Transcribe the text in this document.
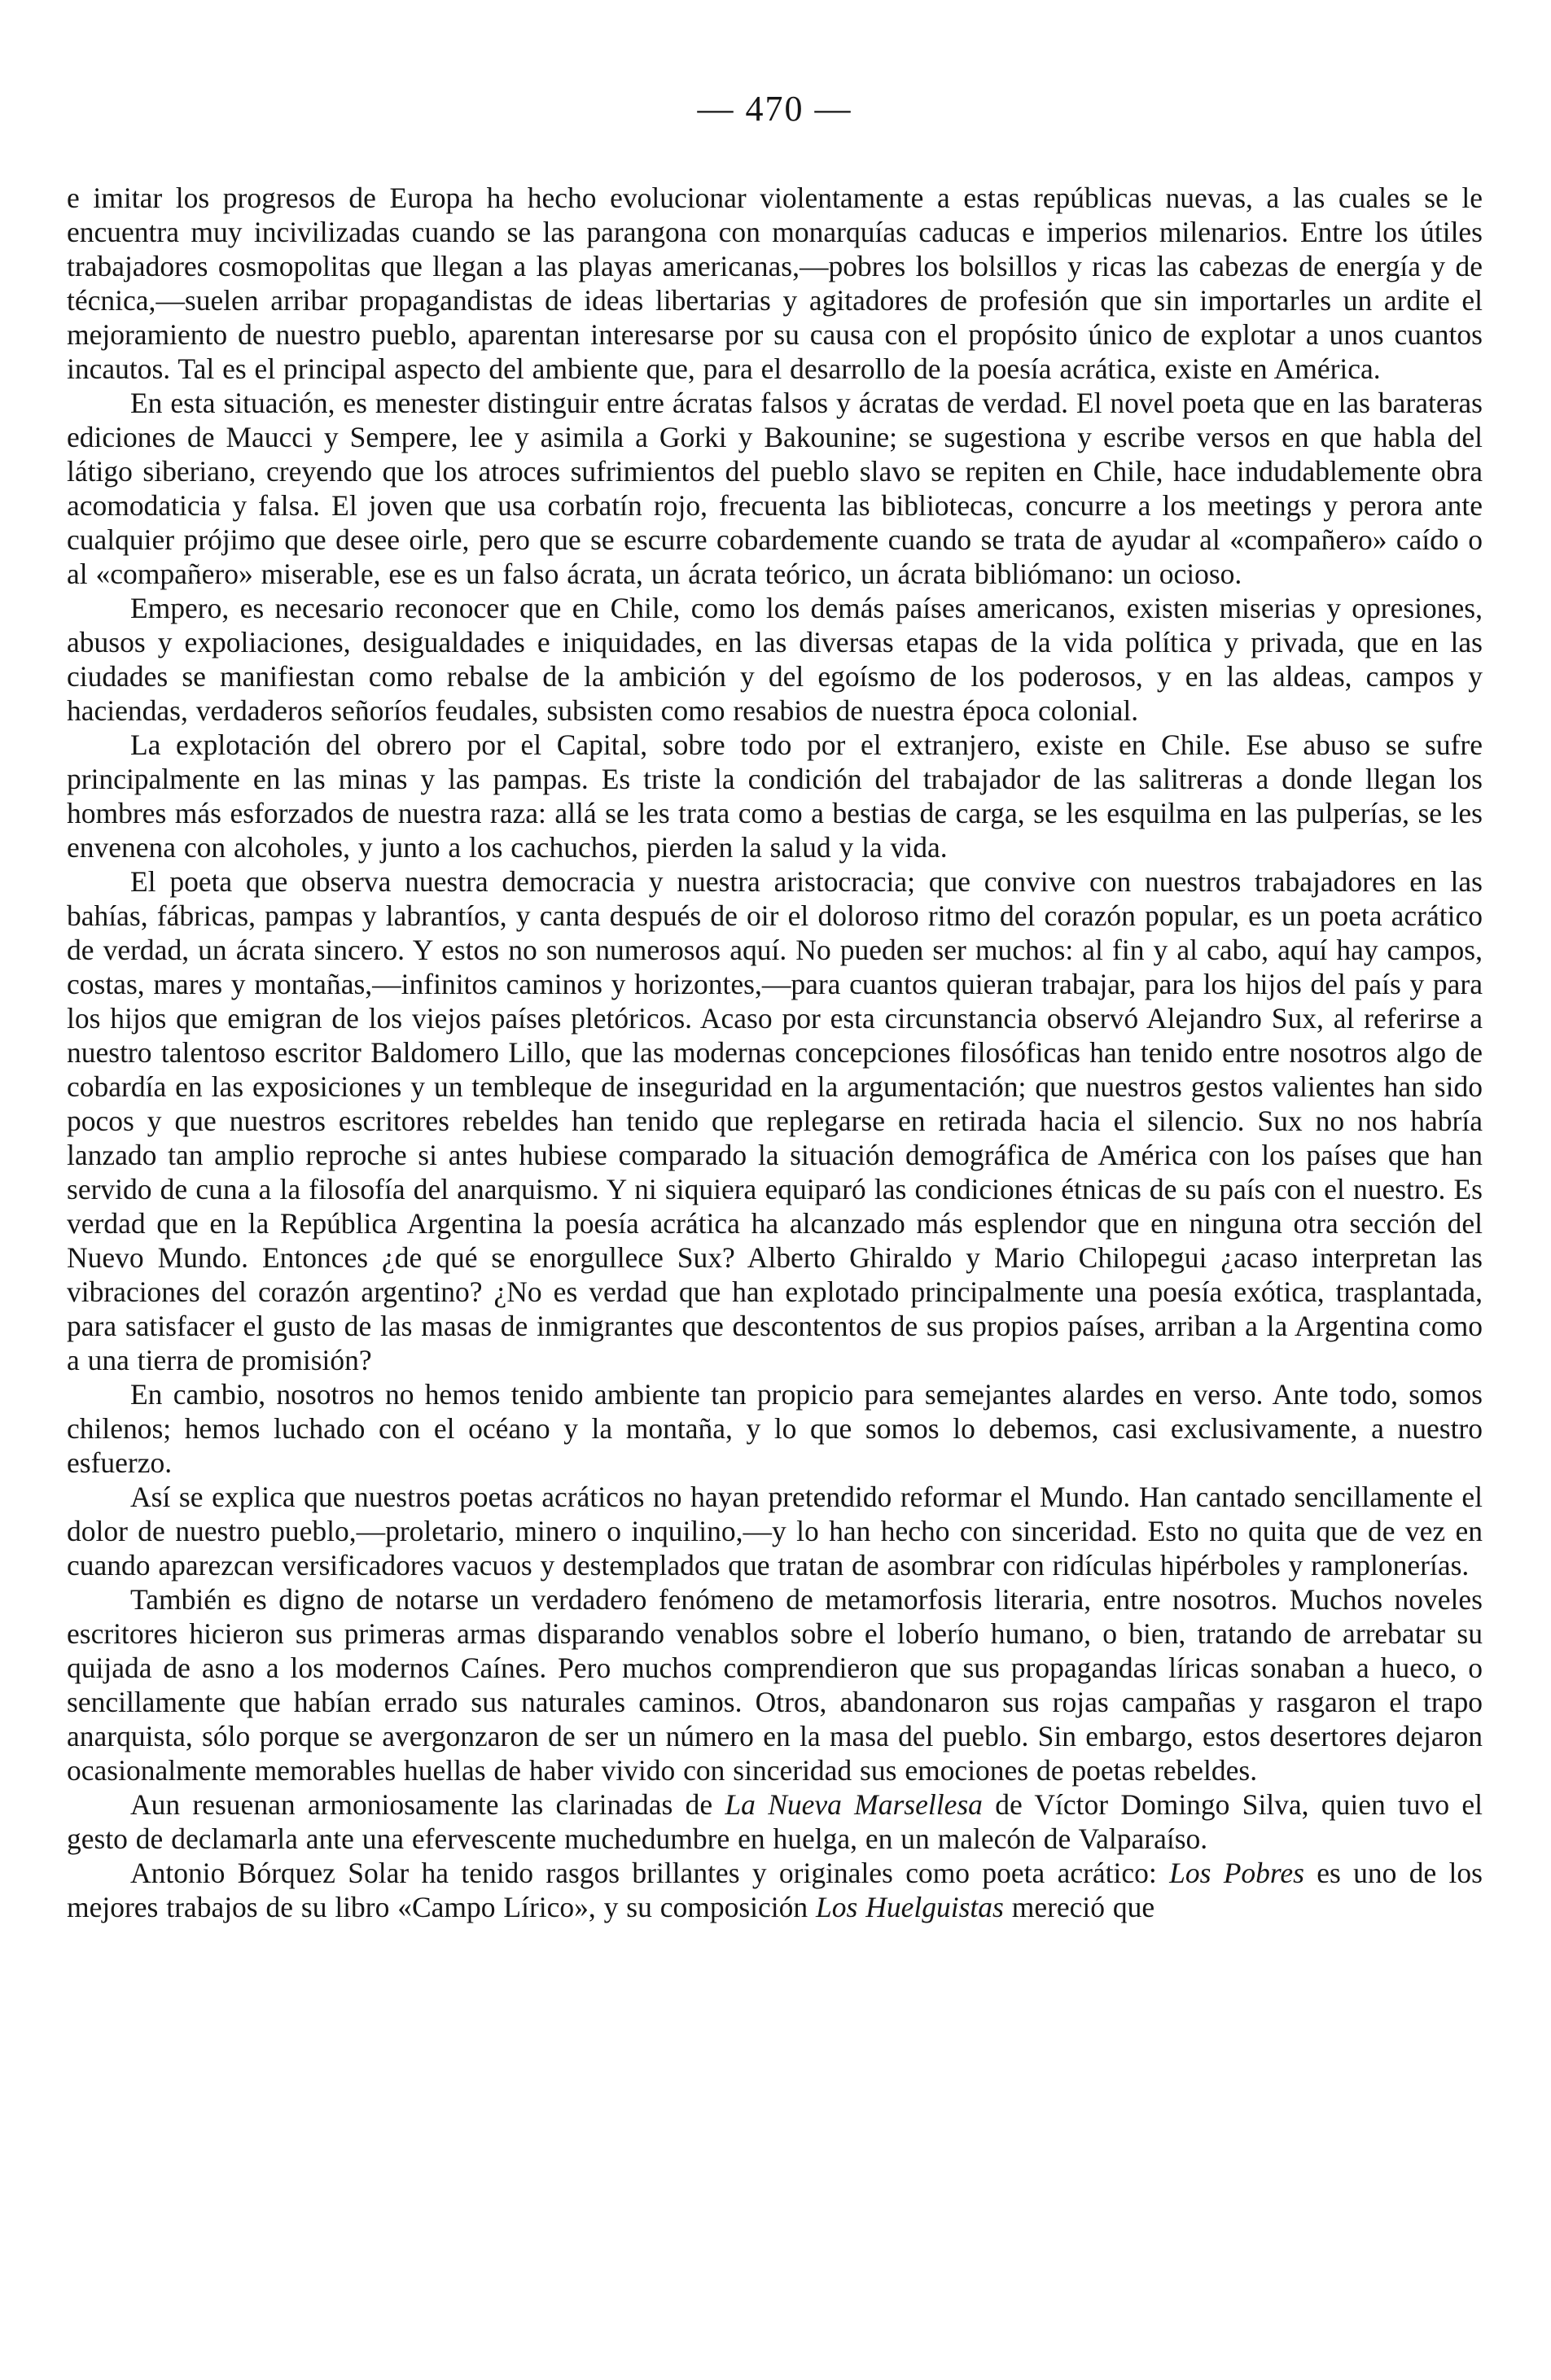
— 470 —

e imitar los progresos de Europa ha hecho evolucionar violentamente a estas repúblicas nuevas, a las cuales se le encuentra muy incivilizadas cuando se las parangona con monarquías caducas e imperios milenarios. Entre los útiles trabajadores cosmopolitas que llegan a las playas americanas,—pobres los bolsillos y ricas las cabezas de energía y de técnica,—suelen arribar propagandistas de ideas libertarias y agitadores de profesión que sin importarles un ardite el mejoramiento de nuestro pueblo, aparentan interesarse por su causa con el propósito único de explotar a unos cuantos incautos. Tal es el principal aspecto del ambiente que, para el desarrollo de la poesía acrática, existe en América.

En esta situación, es menester distinguir entre ácratas falsos y ácratas de verdad. El novel poeta que en las barateras ediciones de Maucci y Sempere, lee y asimila a Gorki y Bakounine; se sugestiona y escribe versos en que habla del látigo siberiano, creyendo que los atroces sufrimientos del pueblo slavo se repiten en Chile, hace indudablemente obra acomodaticia y falsa. El joven que usa corbatín rojo, frecuenta las bibliotecas, concurre a los meetings y perora ante cualquier prójimo que desee oirle, pero que se escurre cobardemente cuando se trata de ayudar al «compañero» caído o al «compañero» miserable, ese es un falso ácrata, un ácrata teórico, un ácrata bibliómano: un ocioso.

Empero, es necesario reconocer que en Chile, como los demás países americanos, existen miserias y opresiones, abusos y expoliaciones, desigualdades e iniquidades, en las diversas etapas de la vida política y privada, que en las ciudades se manifiestan como rebalse de la ambición y del egoísmo de los poderosos, y en las aldeas, campos y haciendas, verdaderos señoríos feudales, subsisten como resabios de nuestra época colonial.

La explotación del obrero por el Capital, sobre todo por el extranjero, existe en Chile. Ese abuso se sufre principalmente en las minas y las pampas. Es triste la condición del trabajador de las salitreras a donde llegan los hombres más esforzados de nuestra raza: allá se les trata como a bestias de carga, se les esquilma en las pulperías, se les envenena con alcoholes, y junto a los cachuchos, pierden la salud y la vida.

El poeta que observa nuestra democracia y nuestra aristocracia; que convive con nuestros trabajadores en las bahías, fábricas, pampas y labrantíos, y canta después de oir el doloroso ritmo del corazón popular, es un poeta acrático de verdad, un ácrata sincero. Y estos no son numerosos aquí. No pueden ser muchos: al fin y al cabo, aquí hay campos, costas, mares y montañas,—infinitos caminos y horizontes,—para cuantos quieran trabajar, para los hijos del país y para los hijos que emigran de los viejos países pletóricos. Acaso por esta circunstancia observó Alejandro Sux, al referirse a nuestro talentoso escritor Baldomero Lillo, que las modernas concepciones filosóficas han tenido entre nosotros algo de cobardía en las exposiciones y un tembleque de inseguridad en la argumentación; que nuestros gestos valientes han sido pocos y que nuestros escritores rebeldes han tenido que replegarse en retirada hacia el silencio. Sux no nos habría lanzado tan amplio reproche si antes hubiese comparado la situación demográfica de América con los países que han servido de cuna a la filosofía del anarquismo. Y ni siquiera equiparó las condiciones étnicas de su país con el nuestro. Es verdad que en la República Argentina la poesía acrática ha alcanzado más esplendor que en ninguna otra sección del Nuevo Mundo. Entonces ¿de qué se enorgullece Sux? Alberto Ghiraldo y Mario Chilopegui ¿acaso interpretan las vibraciones del corazón argentino? ¿No es verdad que han explotado principalmente una poesía exótica, trasplantada, para satisfacer el gusto de las masas de inmigrantes que descontentos de sus propios países, arriban a la Argentina como a una tierra de promisión?

En cambio, nosotros no hemos tenido ambiente tan propicio para semejantes alardes en verso. Ante todo, somos chilenos; hemos luchado con el océano y la montaña, y lo que somos lo debemos, casi exclusivamente, a nuestro esfuerzo.

Así se explica que nuestros poetas acráticos no hayan pretendido reformar el Mundo. Han cantado sencillamente el dolor de nuestro pueblo,—proletario, minero o inquilino,—y lo han hecho con sinceridad. Esto no quita que de vez en cuando aparezcan versificadores vacuos y destemplados que tratan de asombrar con ridículas hipérboles y ramplonerías.

También es digno de notarse un verdadero fenómeno de metamorfosis literaria, entre nosotros. Muchos noveles escritores hicieron sus primeras armas disparando venablos sobre el loberío humano, o bien, tratando de arrebatar su quijada de asno a los modernos Caínes. Pero muchos comprendieron que sus propagandas líricas sonaban a hueco, o sencillamente que habían errado sus naturales caminos. Otros, abandonaron sus rojas campañas y rasgaron el trapo anarquista, sólo porque se avergonzaron de ser un número en la masa del pueblo. Sin embargo, estos desertores dejaron ocasionalmente memorables huellas de haber vivido con sinceridad sus emociones de poetas rebeldes.

Aun resuenan armoniosamente las clarinadas de La Nueva Marsellesa de Víctor Domingo Silva, quien tuvo el gesto de declamarla ante una efervescente muchedumbre en huelga, en un malecón de Valparaíso.

Antonio Bórquez Solar ha tenido rasgos brillantes y originales como poeta acrático: Los Pobres es uno de los mejores trabajos de su libro «Campo Lírico», y su composición Los Huelguistas mereció que
